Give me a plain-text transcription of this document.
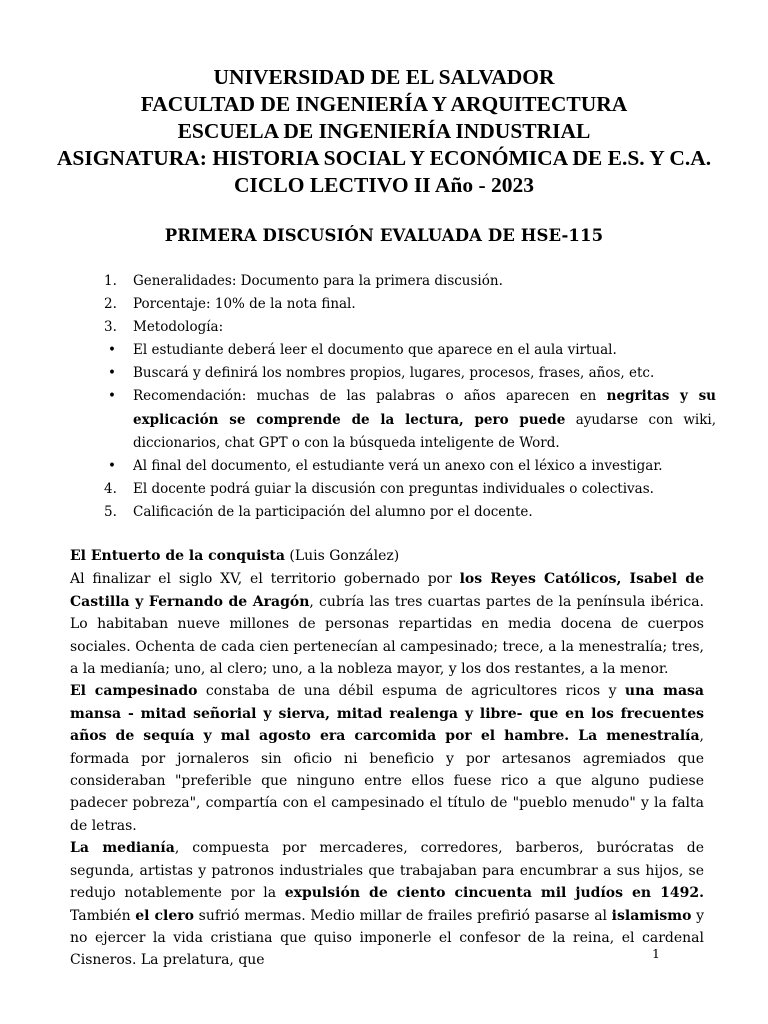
UNIVERSIDAD DE EL SALVADOR
FACULTAD DE INGENIERÍA Y ARQUITECTURA
ESCUELA DE INGENIERÍA INDUSTRIAL
ASIGNATURA: HISTORIA SOCIAL Y ECONÓMICA DE E.S. Y C.A.
CICLO LECTIVO II Año - 2023
PRIMERA DISCUSIÓN EVALUADA DE HSE-115
1. Generalidades: Documento para la primera discusión.
2. Porcentaje: 10% de la nota final.
3. Metodología:
• El estudiante deberá leer el documento que aparece en el aula virtual.
• Buscará y definirá los nombres propios, lugares, procesos, frases, años, etc.
• Recomendación: muchas de las palabras o años aparecen en negritas y su explicación se comprende de la lectura, pero puede ayudarse con wiki, diccionarios, chat GPT o con la búsqueda inteligente de Word.
• Al final del documento, el estudiante verá un anexo con el léxico a investigar.
4. El docente podrá guiar la discusión con preguntas individuales o colectivas.
5. Calificación de la participación del alumno por el docente.

El Entuerto de la conquista (Luis González)

Al finalizar el siglo XV, el territorio gobernado por los Reyes Católicos, Isabel de Castilla y Fernando de Aragón, cubría las tres cuartas partes de la península ibérica. Lo habitaban nueve millones de personas repartidas en media docena de cuerpos sociales. Ochenta de cada cien pertenecían al campesinado; trece, a la menestralía; tres, a la medianía; uno, al clero; uno, a la nobleza mayor, y los dos restantes, a la menor.

El campesinado constaba de una débil espuma de agricultores ricos y una masa mansa - mitad señorial y sierva, mitad realenga y libre- que en los frecuentes años de sequía y mal agosto era carcomida por el hambre. La menestralía, formada por jornaleros sin oficio ni beneficio y por artesanos agremiados que consideraban "preferible que ninguno entre ellos fuese rico a que alguno pudiese padecer pobreza", compartía con el campesinado el título de "pueblo menudo" y la falta de letras.

La medianía, compuesta por mercaderes, corredores, barberos, burócratas de segunda, artistas y patronos industriales que trabajaban para encumbrar a sus hijos, se redujo notablemente por la expulsión de ciento cincuenta mil judíos en 1492. También el clero sufrió mermas. Medio millar de frailes prefirió pasarse al islamismo y no ejercer la vida cristiana que quiso imponerle el confesor de la reina, el cardenal Cisneros. La prelatura, que	1
